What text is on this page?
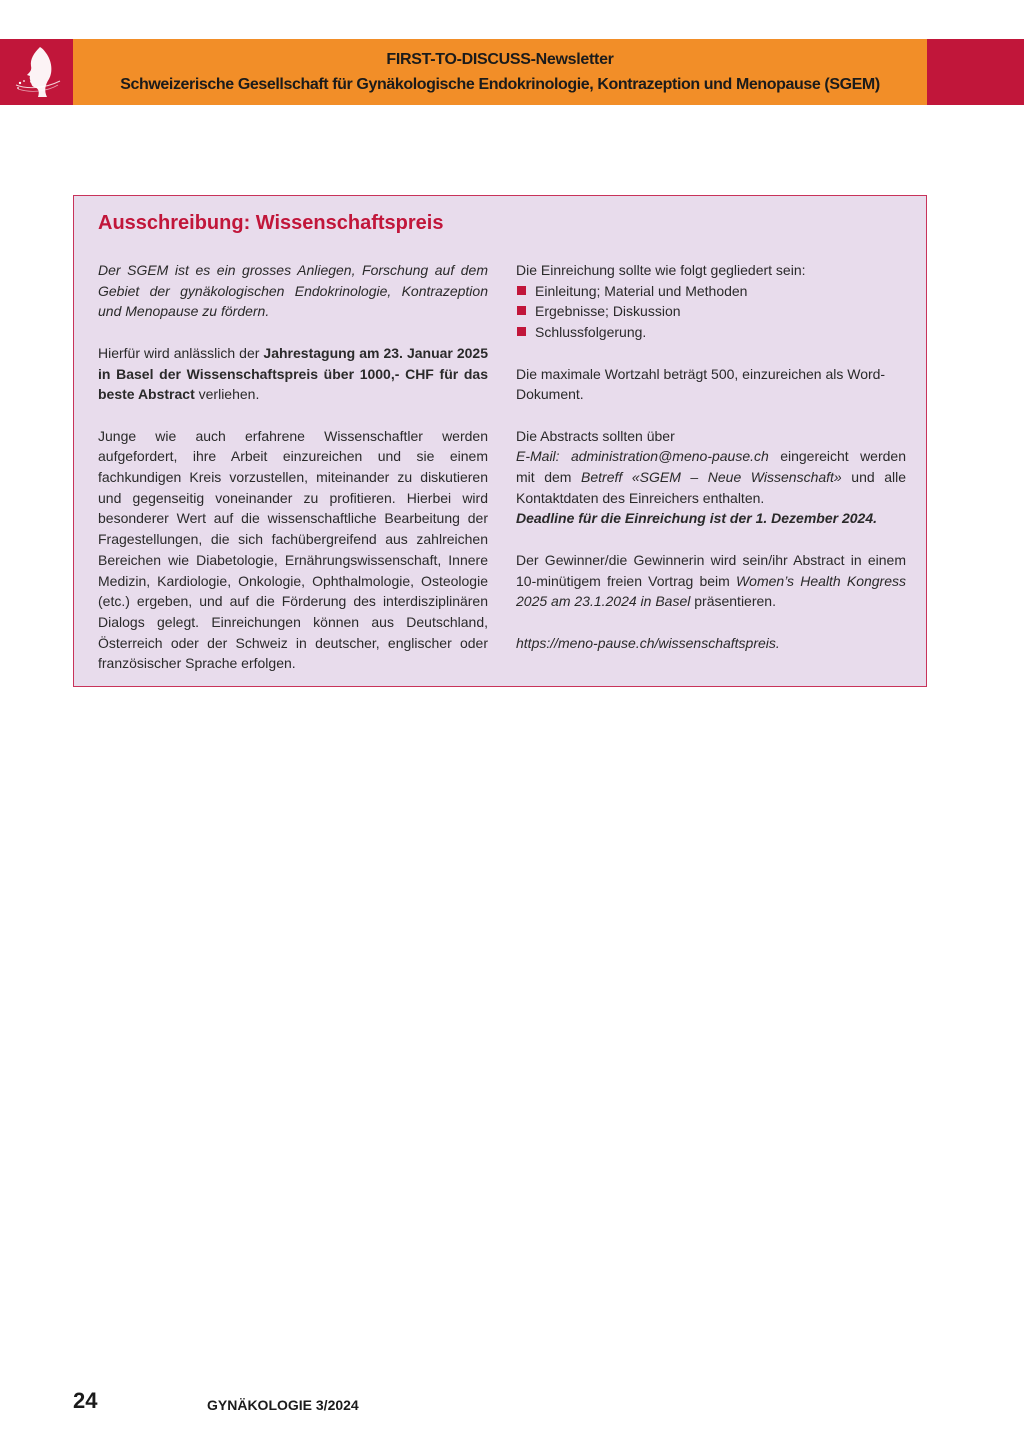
FIRST-TO-DISCUSS-Newsletter
Schweizerische Gesellschaft für Gynäkologische Endokrinologie, Kontrazeption und Menopause (SGEM)
Ausschreibung: Wissenschaftspreis

Der SGEM ist es ein grosses Anliegen, Forschung auf dem Gebiet der gynäkologischen Endokrinologie, Kontrazeption und Menopause zu fördern.

Hierfür wird anlässlich der Jahrestagung am 23. Januar 2025 in Basel der Wissenschaftspreis über 1000,- CHF für das beste Abstract verliehen.

Junge wie auch erfahrene Wissenschaftler werden aufgefordert, ihre Arbeit einzureichen und sie einem fachkundigen Kreis vorzustellen, miteinander zu diskutieren und gegenseitig voneinander zu profitieren. Hierbei wird besonderer Wert auf die wissenschaftliche Bearbeitung der Fragestellungen, die sich fachübergreifend aus zahlreichen Bereichen wie Diabetologie, Ernährungswissenschaft, Innere Medizin, Kardiologie, Onkologie, Ophthalmologie, Osteologie (etc.) ergeben, und auf die Förderung des interdisziplinären Dialogs gelegt. Einreichungen können aus Deutschland, Österreich oder der Schweiz in deutscher, englischer oder französischer Sprache erfolgen.

Die Einreichung sollte wie folgt gegliedert sein:
Einleitung; Material und Methoden
Ergebnisse; Diskussion
Schlussfolgerung.

Die maximale Wortzahl beträgt 500, einzureichen als Word-Dokument.

Die Abstracts sollten über
E-Mail: administration@meno-pause.ch eingereicht werden mit dem Betreff «SGEM – Neue Wissenschaft» und alle Kontaktdaten des Einreichers enthalten.
Deadline für die Einreichung ist der 1. Dezember 2024.

Der Gewinner/die Gewinnerin wird sein/ihr Abstract in einem 10-minütigem freien Vortrag beim Women’s Health Kongress 2025 am 23.1.2024 in Basel präsentieren.

https://meno-pause.ch/wissenschaftspreis.

24	GYNÄKOLOGIE 3/2024
